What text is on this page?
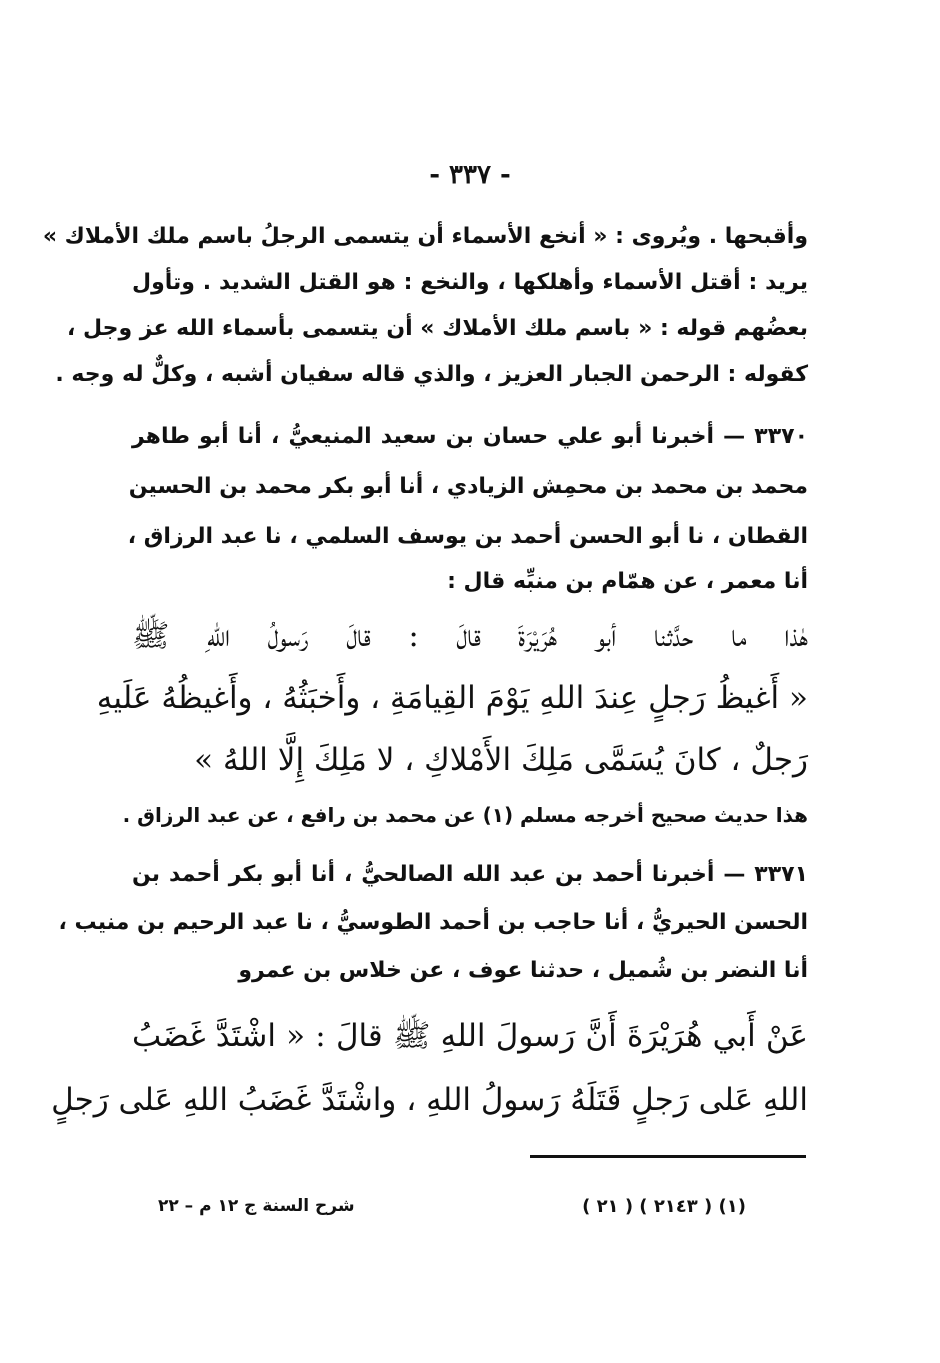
- ٣٣٧ -
وأقبحها . ويُروى : « أنخع الأسماء أن يتسمى الرجلُ باسم ملك الأملاك »
يريد : أقتل الأسماء وأهلكها ، والنخع : هو القتل الشديد . وتأول
بعضُهم قوله : « باسم ملك الأملاك » أن يتسمى بأسماء الله عز وجل ،
كقوله : الرحمن الجبار العزيز ، والذي قاله سفيان أشبه ، وكلٌّ له وجه .
٣٣٧٠ — أخبرنا أبو علي حسان بن سعيد المنيعيُّ ، أنا أبو طاهر
محمد بن محمد بن محمِش الزيادي ، أنا أبو بكر محمد بن الحسين
القطان ، نا أبو الحسن أحمد بن يوسف السلمي ، نا عبد الرزاق ،
أنا معمر ، عن همّام بن منبِّه قال :
هٰذا ما حدَّثنا أبو هُرَيْرَةَ قالَ : قالَ رَسولُ اللهِ ﷺ
« أَغيظُ رَجلٍ عِندَ اللهِ يَوْمَ القِيامَةِ ، وأَخبَثُهُ ، وأَغيظُهُ عَلَيهِ
رَجلٌ ، كانَ يُسَمَّى مَلِكَ الأَمْلاكِ ، لا مَلِكَ إِلَّا اللهُ »
هذا حديث صحيح أخرجه مسلم (١) عن محمد بن رافع ، عن عبد الرزاق .
٣٣٧١ — أخبرنا أحمد بن عبد الله الصالحيُّ ، أنا أبو بكر أحمد بن
الحسن الحيريُّ ، أنا حاجب بن أحمد الطوسيُّ ، نا عبد الرحيم بن منيب ،
أنا النضر بن شُميل ، حدثنا عوف ، عن خلاس بن عمرو
عَنْ أَبي هُرَيْرَةَ أَنَّ رَسولَ اللهِ ﷺ قالَ : « اشْتَدَّ غَضَبُ
اللهِ عَلى رَجلٍ قَتَلَهُ رَسولُ اللهِ ، واشْتَدَّ غَضَبُ اللهِ عَلى رَجلٍ
(١) ( ٢١٤٣ ) ( ٢١ )
شرح السنة ج ١٢ م – ٢٢
